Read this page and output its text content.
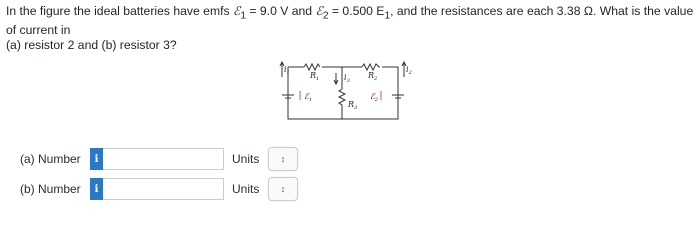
In the figure the ideal batteries have emfs ℰ$_1$ = 9.0 V and ℰ$_2$ = 0.500 $E_1$, and the resistances are each 3.38 Ω. What is the value of current in
(a) resistor 2 and (b) resistor 3?
$i_1$	$i_2$
$i_3$
$R_1$	$R_2$
$R_3$
ℰ$_1$	ℰ$_2$
(a) Number	i	Units	↕
(b) Number	i	Units	↕
